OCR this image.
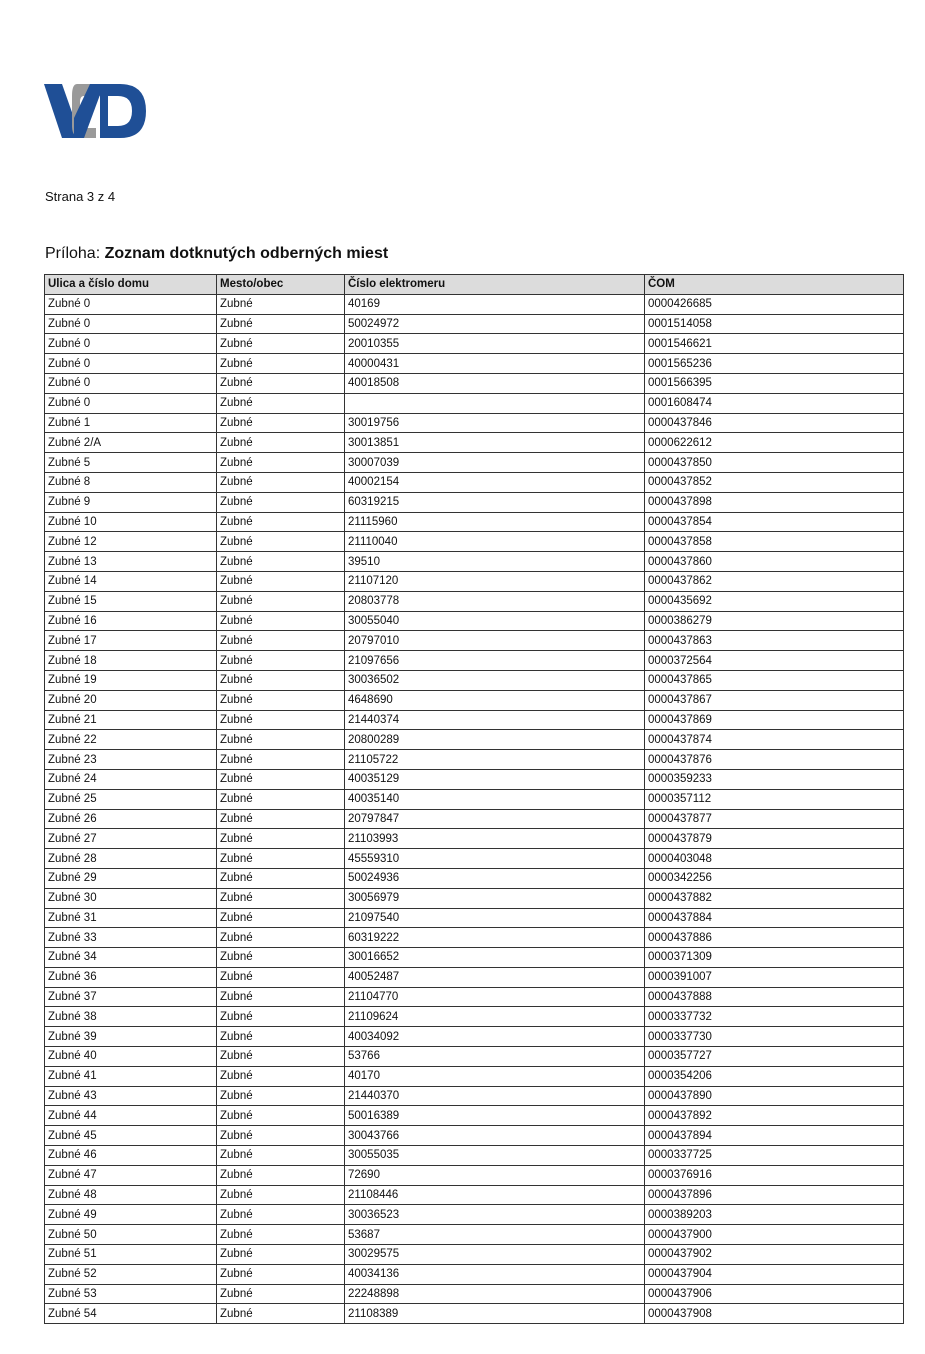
Strana 3 z 4
Príloha: Zoznam dotknutých odberných miest
Ulica a číslo domu	Mesto/obec	Číslo elektromeru	ČOM
Zubné 0	Zubné	40169	0000426685
Zubné 0	Zubné	50024972	0001514058
Zubné 0	Zubné	20010355	0001546621
Zubné 0	Zubné	40000431	0001565236
Zubné 0	Zubné	40018508	0001566395
Zubné 0	Zubné		0001608474
Zubné 1	Zubné	30019756	0000437846
Zubné 2/A	Zubné	30013851	0000622612
Zubné 5	Zubné	30007039	0000437850
Zubné 8	Zubné	40002154	0000437852
Zubné 9	Zubné	60319215	0000437898
Zubné 10	Zubné	21115960	0000437854
Zubné 12	Zubné	21110040	0000437858
Zubné 13	Zubné	39510	0000437860
Zubné 14	Zubné	21107120	0000437862
Zubné 15	Zubné	20803778	0000435692
Zubné 16	Zubné	30055040	0000386279
Zubné 17	Zubné	20797010	0000437863
Zubné 18	Zubné	21097656	0000372564
Zubné 19	Zubné	30036502	0000437865
Zubné 20	Zubné	4648690	0000437867
Zubné 21	Zubné	21440374	0000437869
Zubné 22	Zubné	20800289	0000437874
Zubné 23	Zubné	21105722	0000437876
Zubné 24	Zubné	40035129	0000359233
Zubné 25	Zubné	40035140	0000357112
Zubné 26	Zubné	20797847	0000437877
Zubné 27	Zubné	21103993	0000437879
Zubné 28	Zubné	45559310	0000403048
Zubné 29	Zubné	50024936	0000342256
Zubné 30	Zubné	30056979	0000437882
Zubné 31	Zubné	21097540	0000437884
Zubné 33	Zubné	60319222	0000437886
Zubné 34	Zubné	30016652	0000371309
Zubné 36	Zubné	40052487	0000391007
Zubné 37	Zubné	21104770	0000437888
Zubné 38	Zubné	21109624	0000337732
Zubné 39	Zubné	40034092	0000337730
Zubné 40	Zubné	53766	0000357727
Zubné 41	Zubné	40170	0000354206
Zubné 43	Zubné	21440370	0000437890
Zubné 44	Zubné	50016389	0000437892
Zubné 45	Zubné	30043766	0000437894
Zubné 46	Zubné	30055035	0000337725
Zubné 47	Zubné	72690	0000376916
Zubné 48	Zubné	21108446	0000437896
Zubné 49	Zubné	30036523	0000389203
Zubné 50	Zubné	53687	0000437900
Zubné 51	Zubné	30029575	0000437902
Zubné 52	Zubné	40034136	0000437904
Zubné 53	Zubné	22248898	0000437906
Zubné 54	Zubné	21108389	0000437908
